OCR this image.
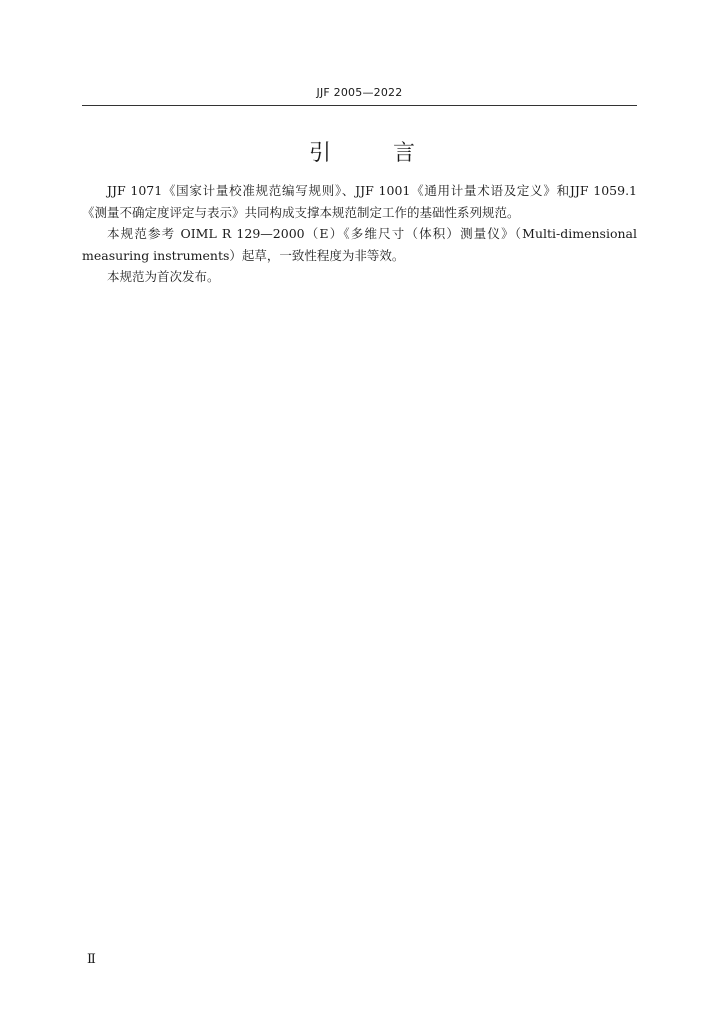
JJF 2005—2022
引	言

JJF 1071《国家计量校准规范编写规则》、JJF 1001《通用计量术语及定义》和JJF 1059.1《测量不确定度评定与表示》共同构成支撑本规范制定工作的基础性系列规范。

本规范参考 OIML R 129—2000（E）《多维尺寸（体积）测量仪》（Multi-dimensional measuring instruments）起草，一致性程度为非等效。

本规范为首次发布。

Ⅱ
